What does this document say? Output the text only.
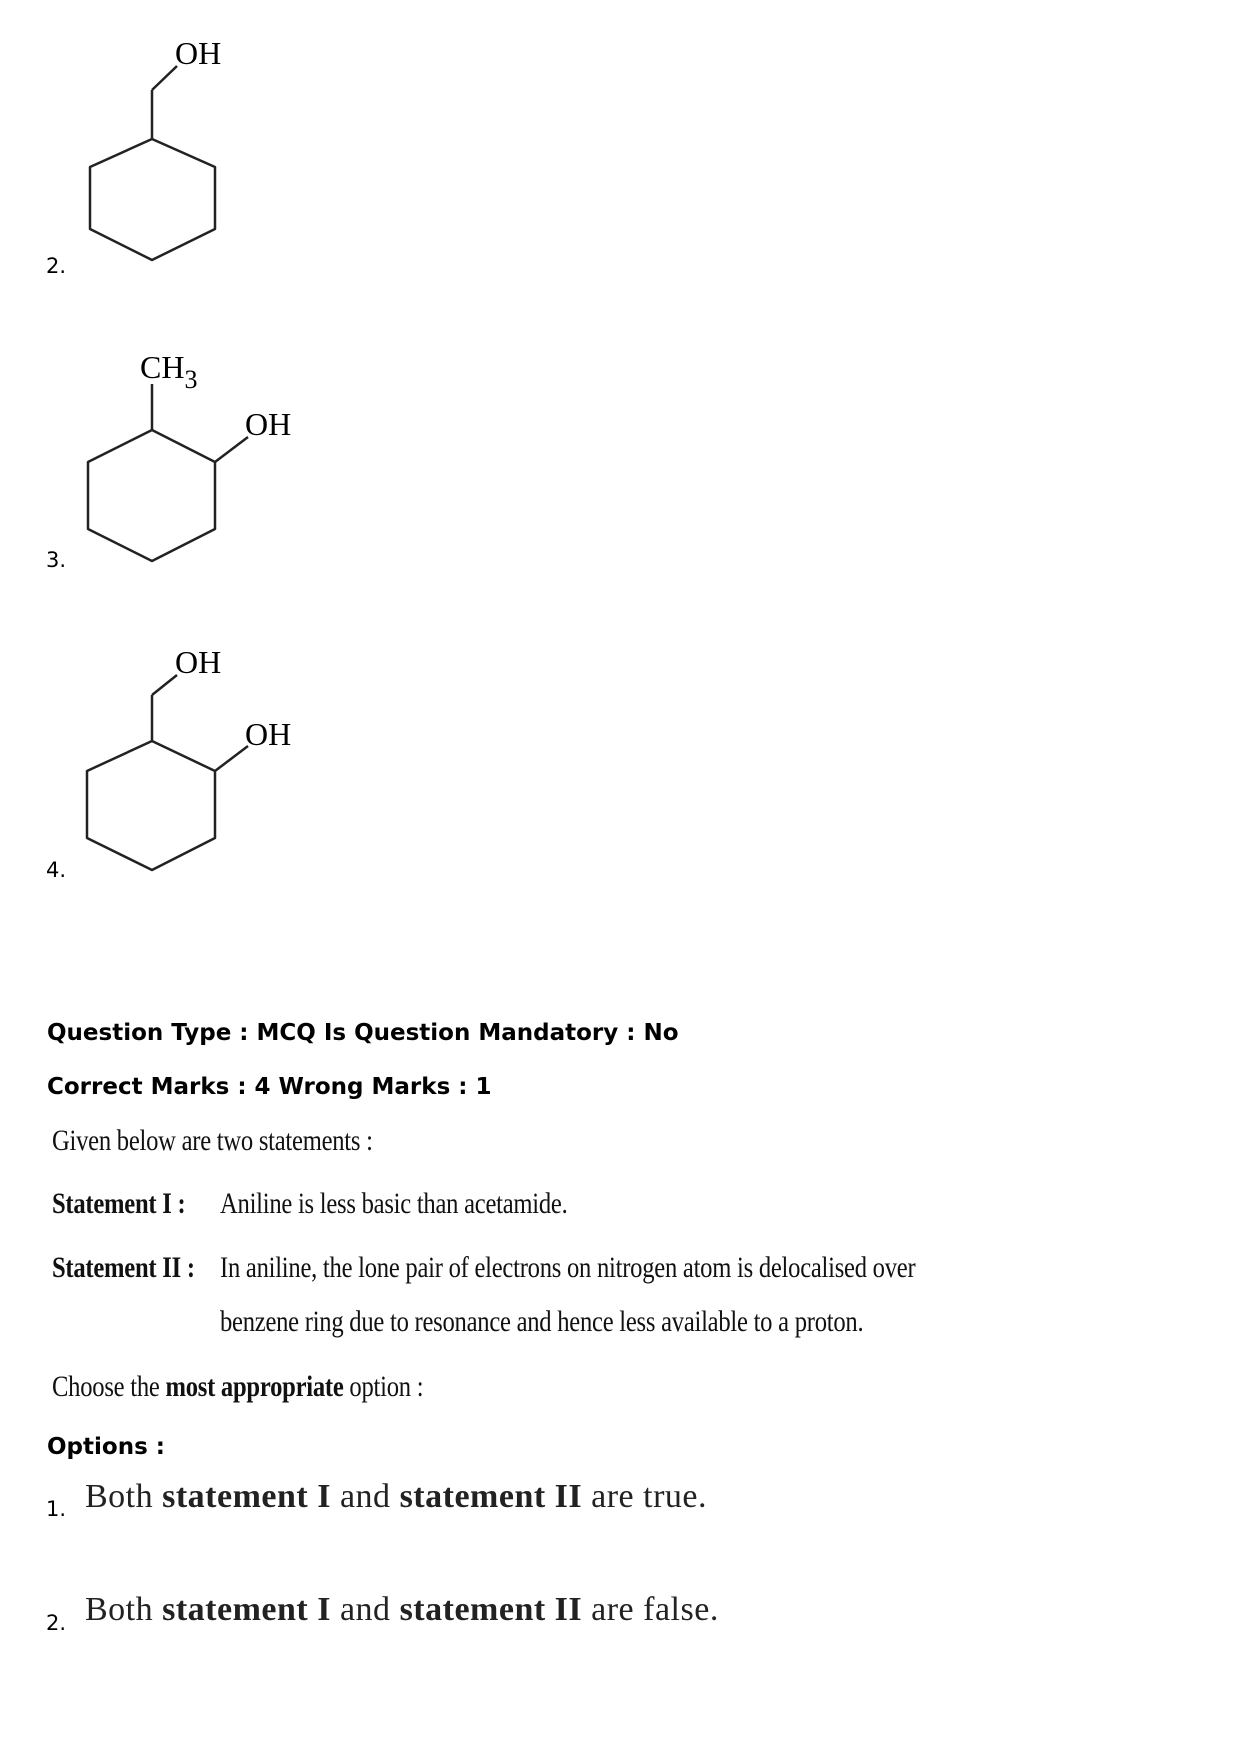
OH
2.
$CH_3$
OH
3.
OH
OH
4.
Question Type : MCQ Is Question Mandatory : No
Correct Marks : 4 Wrong Marks : 1
Given below are two statements :
Statement I : Aniline is less basic than acetamide.
Statement II : In aniline, the lone pair of electrons on nitrogen atom is delocalised over
benzene ring due to resonance and hence less available to a proton.
Choose the most appropriate option :
Options :
1. Both statement I and statement II are true.
2. Both statement I and statement II are false.
